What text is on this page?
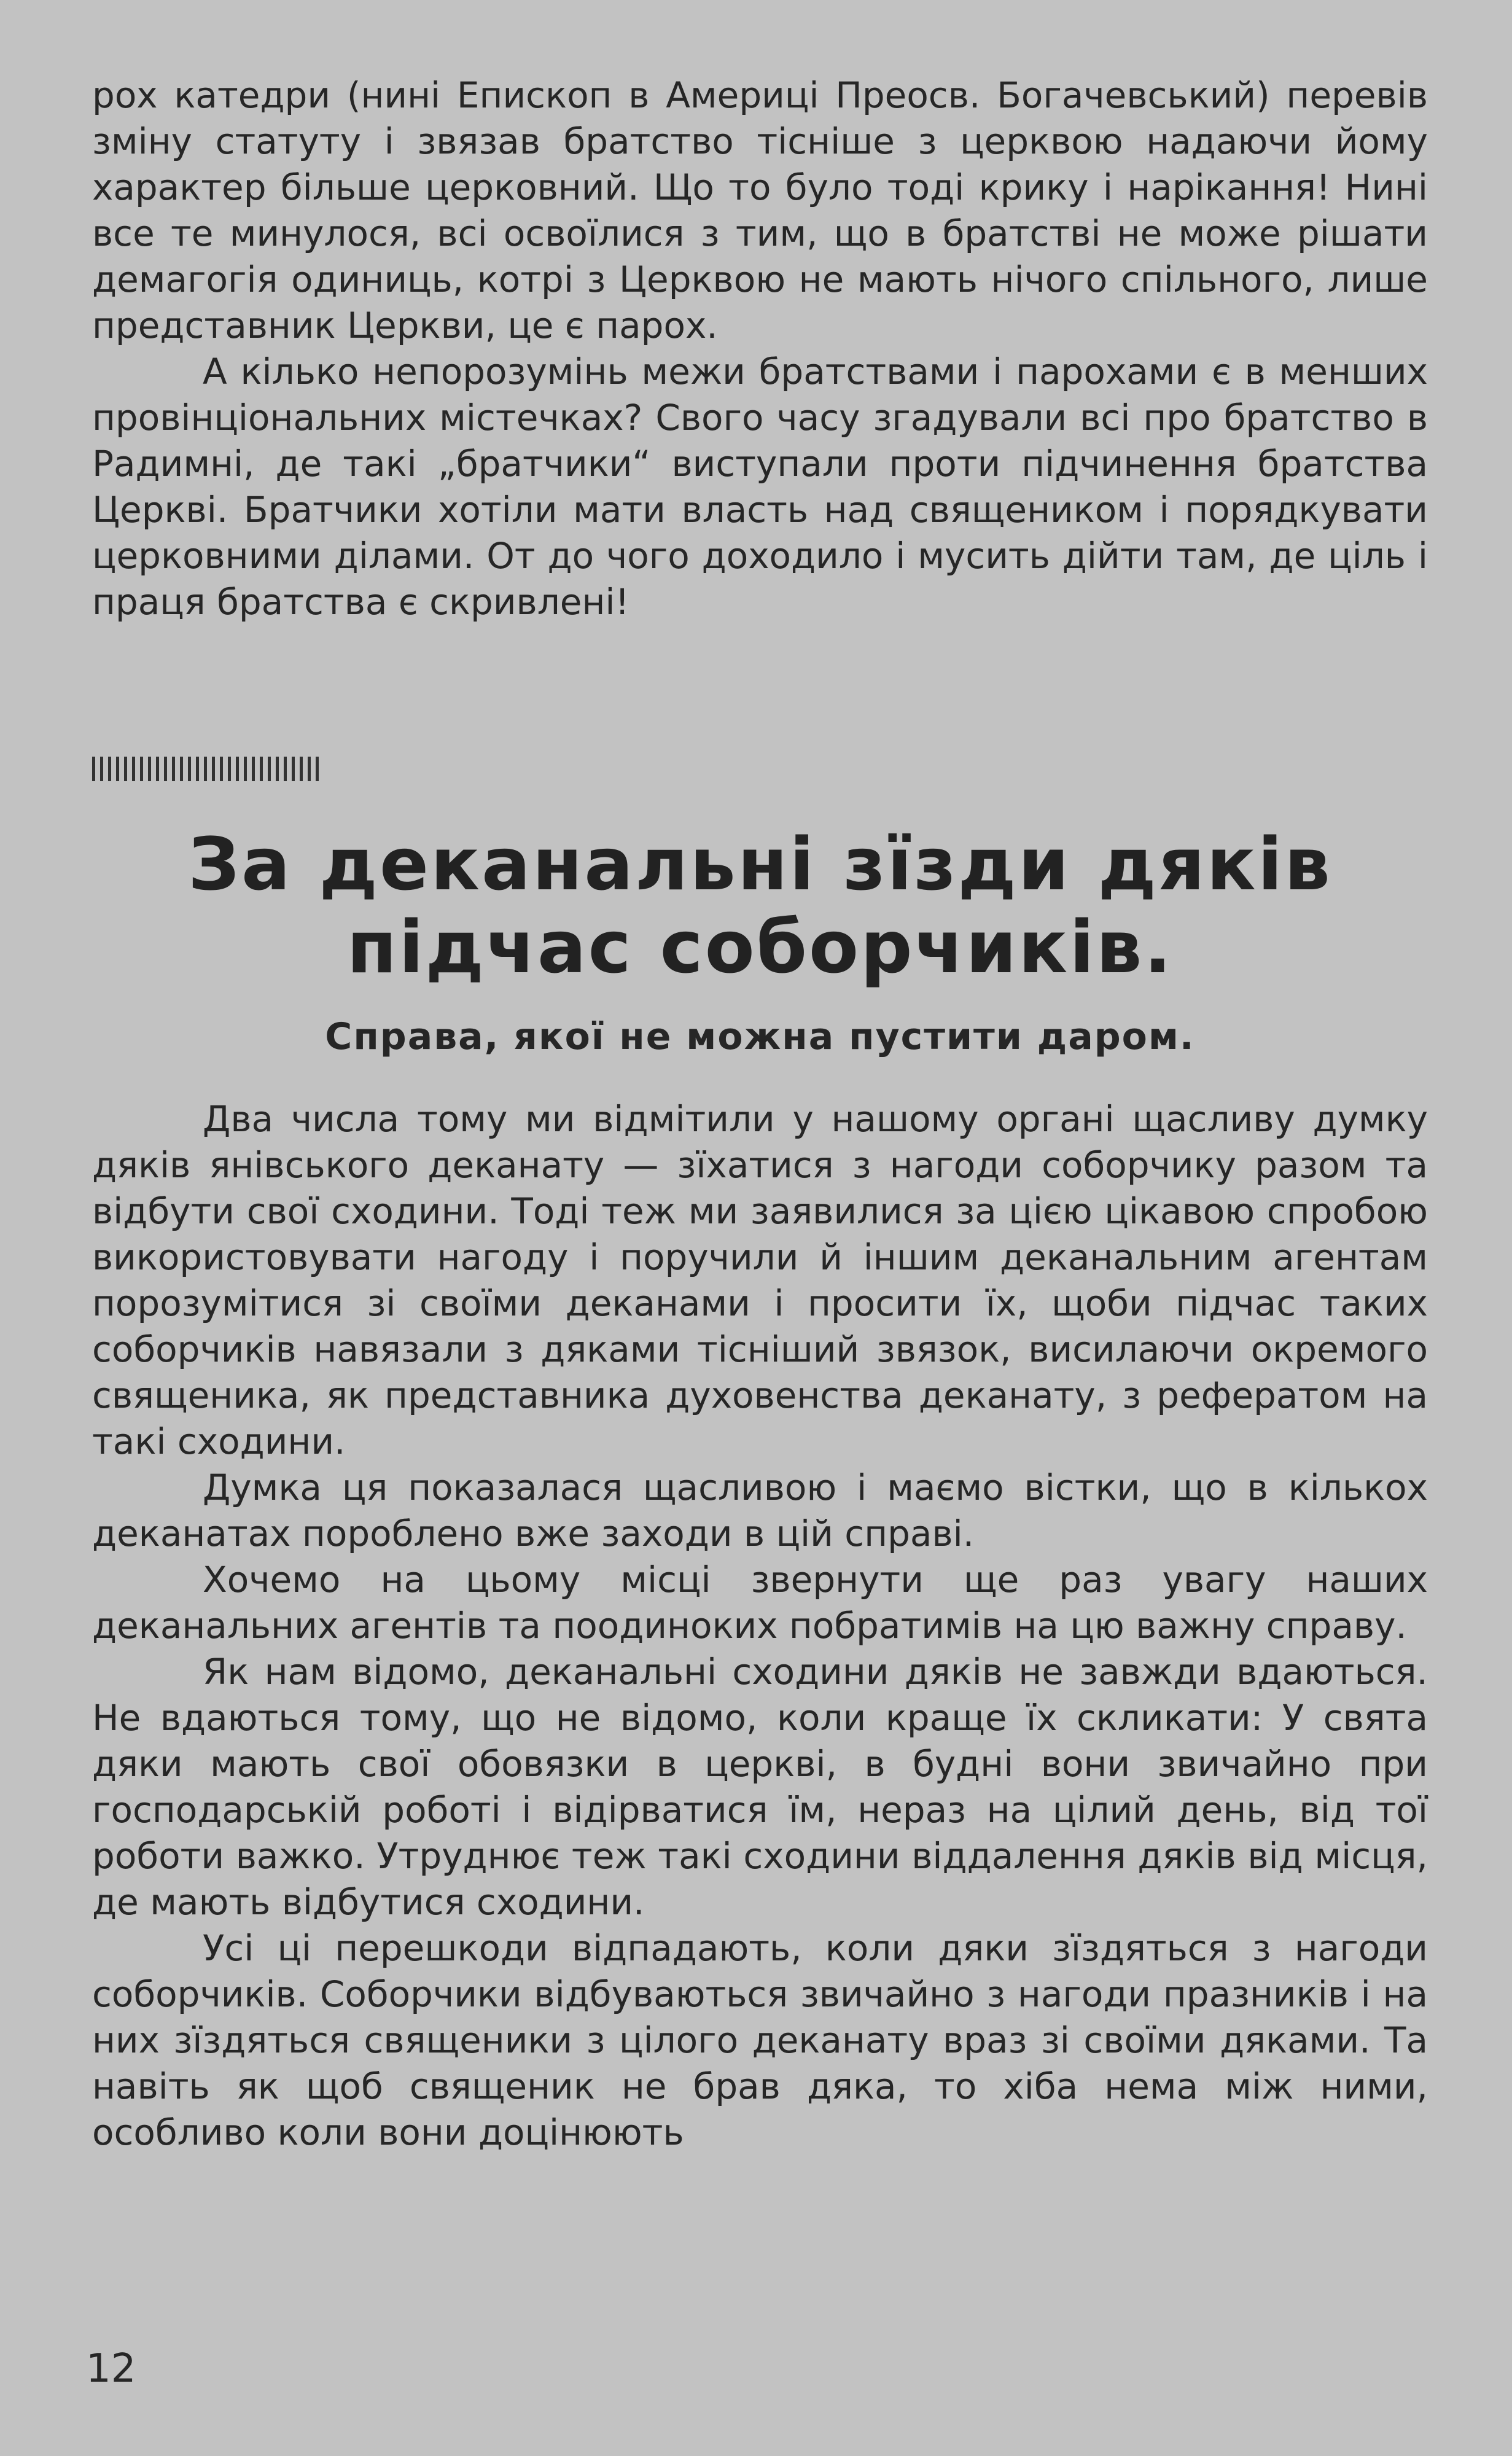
рох катедри (нині Епископ в Америці Преосв. Богачевський) перевів зміну статуту і звязав братство тісніше з церквою надаючи йому характер більше церковний. Що то було тоді крику і нарікання! Нині все те минулося, всі освоїлися з тим, що в братстві не може рішати демагогія одиниць, котрі з Церквою не мають нічого спільного, лише представник Церкви, це є парох.

А кілько непорозумінь межи братствами і парохами є в менших провінціональних містечках? Свого часу згадували всі про братство в Радимні, де такі „братчики“ виступали проти підчинення братства Церкві. Братчики хотіли мати власть над священиком і порядкувати церковними ділами. От до чого доходило і мусить дійти там, де ціль і праця братства є скривлені!

За деканальні зїзди дяків підчас соборчиків.
Справа, якої не можна пустити даром.

Два числа тому ми відмітили у нашому органі щасливу думку дяків янівського деканату — зїхатися з нагоди соборчику разом та відбути свої сходини. Тоді теж ми заявилися за цією цікавою спробою використовувати нагоду і поручили й іншим деканальним агентам порозумітися зі своїми деканами і просити їх, щоби підчас таких соборчиків навязали з дяками тісніший звязок, висилаючи окремого священика, як представника духовенства деканату, з рефератом на такі сходини.

Думка ця показалася щасливою і маємо вістки, що в кількох деканатах пороблено вже заходи в цій справі.

Хочемо на цьому місці звернути ще раз увагу наших деканальних агентів та поодиноких побратимів на цю важну справу.

Як нам відомо, деканальні сходини дяків не завжди вдаються. Не вдаються тому, що не відомо, коли краще їх скликати: У свята дяки мають свої обовязки в церкві, в будні вони звичайно при господарській роботі і відірватися їм, нераз на цілий день, від тої роботи важко. Утруднює теж такі сходини віддалення дяків від місця, де мають відбутися сходини.

Усі ці перешкоди відпадають, коли дяки зїздяться з нагоди соборчиків. Соборчики відбуваються звичайно з нагоди празників і на них зїздяться священики з цілого деканату враз зі своїми дяками. Та навіть як щоб священик не брав дяка, то хіба нема між ними, особливо коли вони доцінюють

12
